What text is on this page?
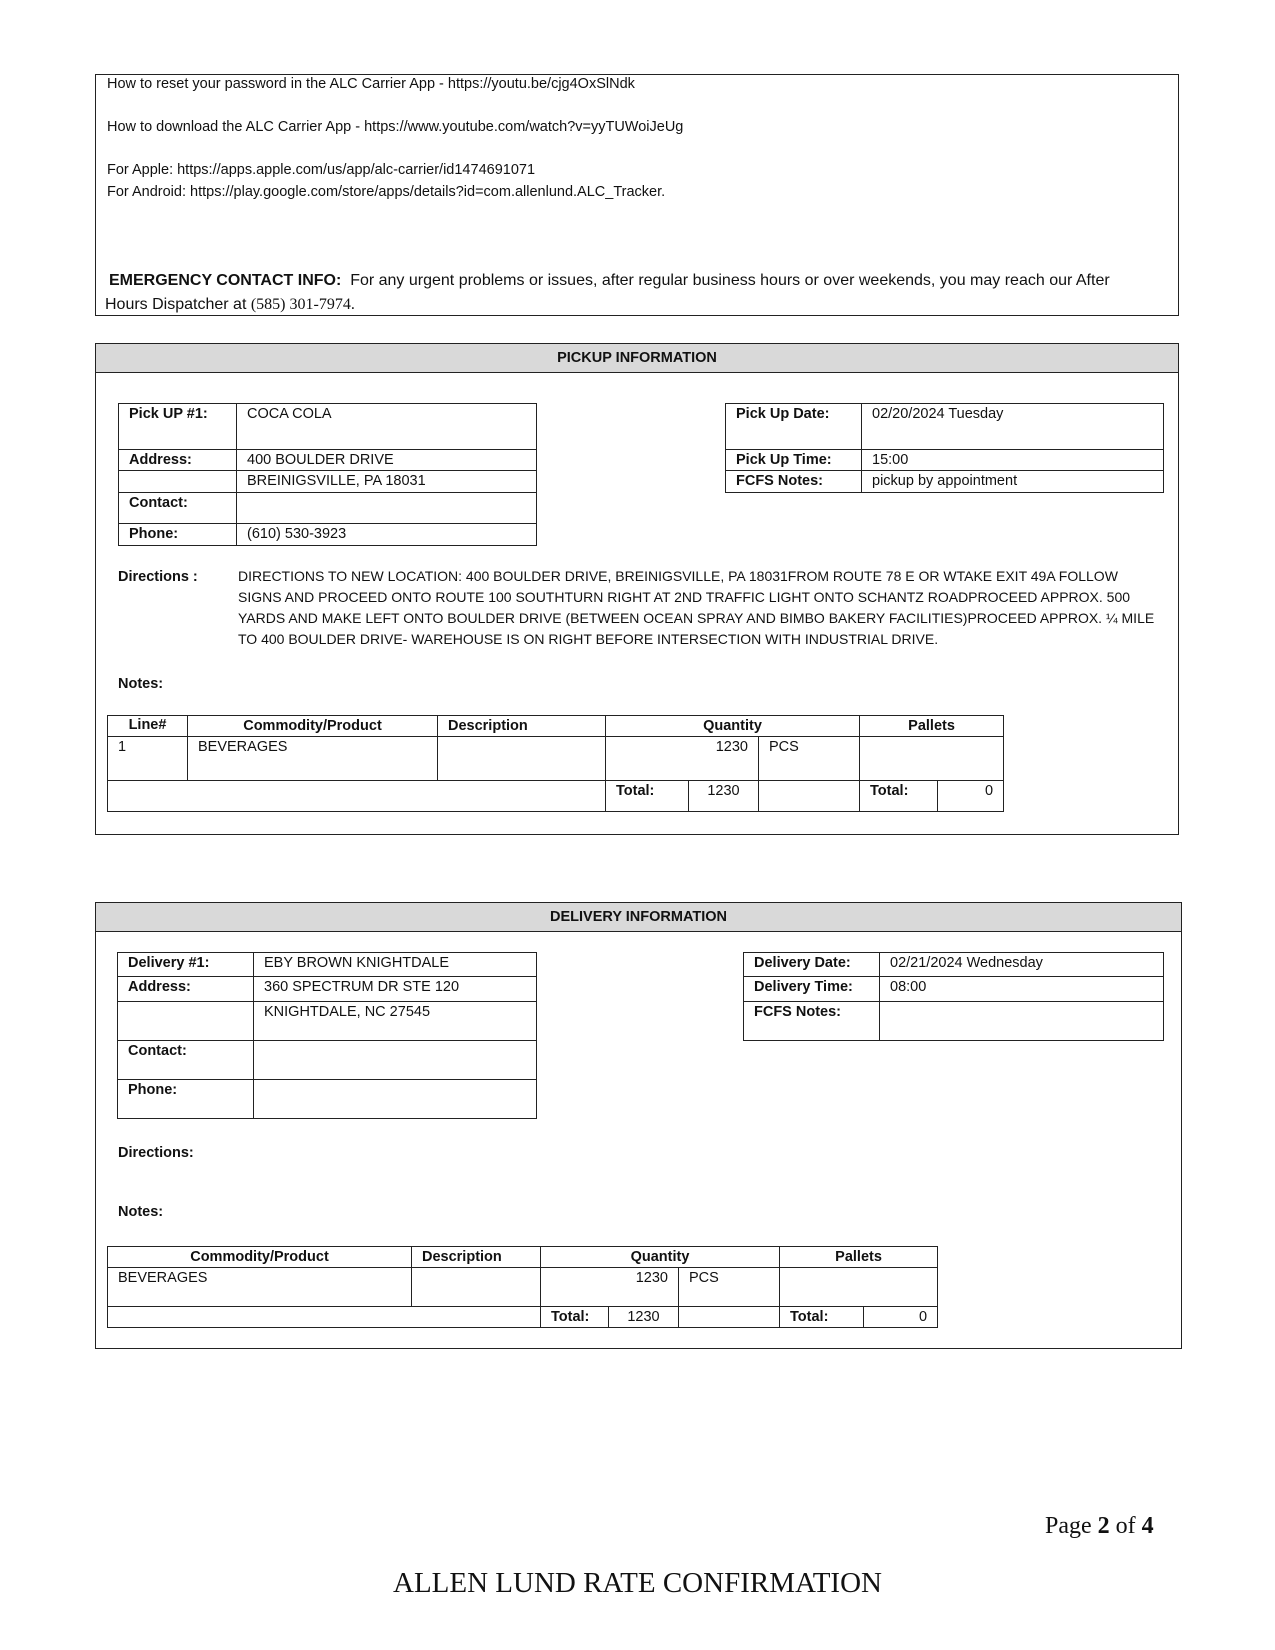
How to reset your password in the ALC Carrier App - https://youtu.be/cjg4OxSlNdk
How to download the ALC Carrier App - https://www.youtube.com/watch?v=yyTUWoiJeUg
For Apple: https://apps.apple.com/us/app/alc-carrier/id1474691071
For Android: https://play.google.com/store/apps/details?id=com.allenlund.ALC_Tracker.
EMERGENCY CONTACT INFO: For any urgent problems or issues, after regular business hours or over weekends, you may reach our After
Hours Dispatcher at (585) 301-7974.
PICKUP INFORMATION
Pick UP #1:	COCA COLA
Address:	400 BOULDER DRIVE
	BREINIGSVILLE, PA 18031
Contact:	
Phone:	(610) 530-3923
Pick Up Date:	02/20/2024 Tuesday
Pick Up Time:	15:00
FCFS Notes:	pickup by appointment
Directions :	DIRECTIONS TO NEW LOCATION: 400 BOULDER DRIVE, BREINIGSVILLE, PA 18031FROM ROUTE 78 E OR WTAKE EXIT 49A FOLLOW SIGNS AND PROCEED ONTO ROUTE 100 SOUTHTURN RIGHT AT 2ND TRAFFIC LIGHT ONTO SCHANTZ ROADPROCEED APPROX. 500 YARDS AND MAKE LEFT ONTO BOULDER DRIVE (BETWEEN OCEAN SPRAY AND BIMBO BAKERY FACILITIES)PROCEED APPROX. ¼ MILE TO 400 BOULDER DRIVE- WAREHOUSE IS ON RIGHT BEFORE INTERSECTION WITH INDUSTRIAL DRIVE.
Notes:
Line#	Commodity/Product	Description	Quantity			Pallets	
1	BEVERAGES		1230		PCS		
			Total:	1230		Total:	0
DELIVERY INFORMATION
Delivery #1:	EBY BROWN KNIGHTDALE
Address:	360 SPECTRUM DR STE 120
	KNIGHTDALE, NC 27545
Contact:	
Phone:	
Delivery Date:	02/21/2024 Wednesday
Delivery Time:	08:00
FCFS Notes:	
Directions:
Notes:
Commodity/Product	Description	Quantity			Pallets	
BEVERAGES		1230		PCS		
		Total:	1230		Total:	0
Page 2 of 4
ALLEN LUND RATE CONFIRMATION
